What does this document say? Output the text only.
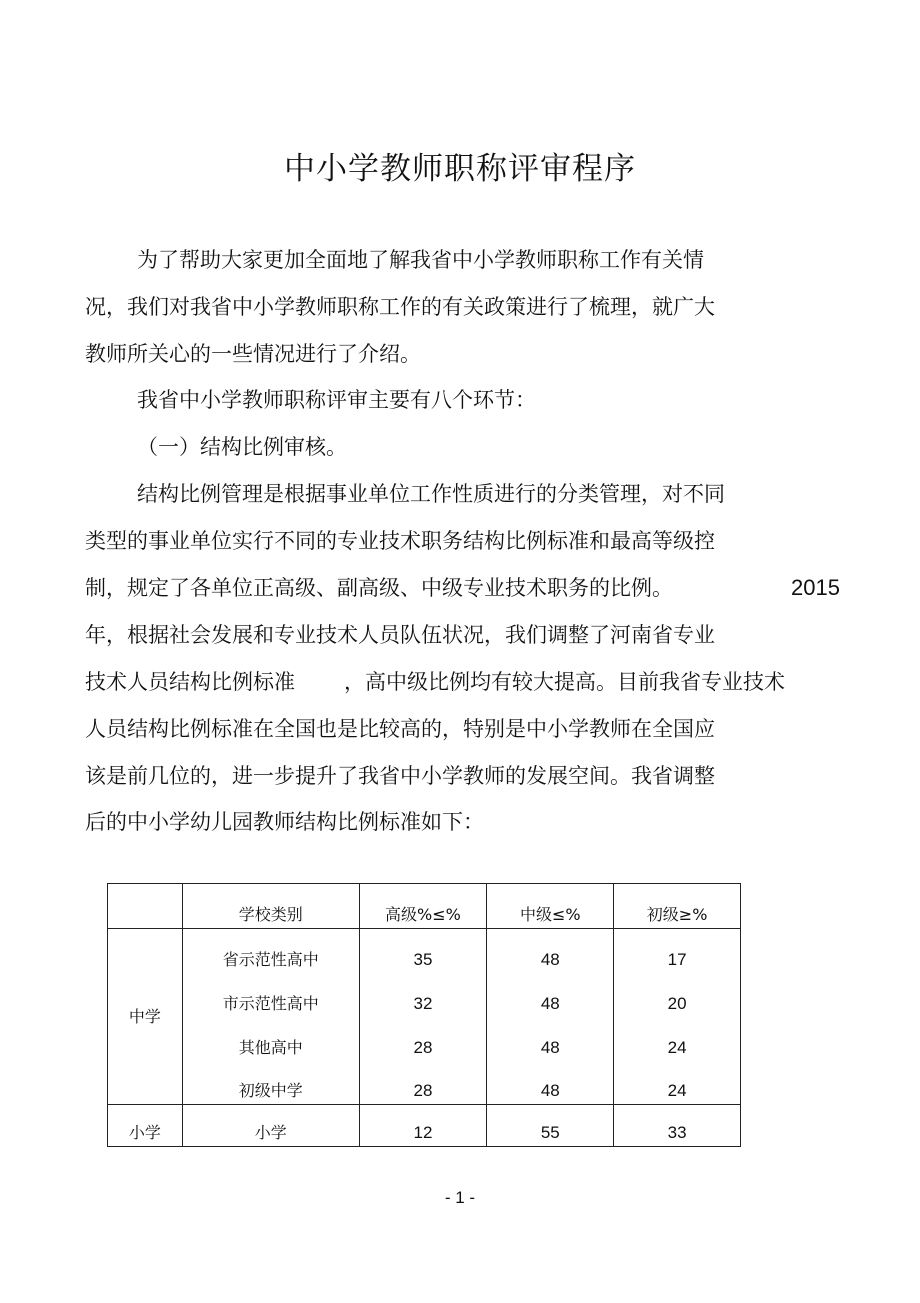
中小学教师职称评审程序

为了帮助大家更加全面地了解我省中小学教师职称工作有关情

况，我们对我省中小学教师职称工作的有关政策进行了梳理，就广大

教师所关心的一些情况进行了介绍。

我省中小学教师职称评审主要有八个环节：

（一）结构比例审核。

结构比例管理是根据事业单位工作性质进行的分类管理，对不同

类型的事业单位实行不同的专业技术职务结构比例标准和最高等级控

制，规定了各单位正高级、副高级、中级专业技术职务的比例。	2015

年，根据社会发展和专业技术人员队伍状况，我们调整了河南省专业

技术人员结构比例标准 ，高中级比例均有较大提高。目前我省专业技术

人员结构比例标准在全国也是比较高的，特别是中小学教师在全国应

该是前几位的，进一步提升了我省中小学教师的发展空间。我省调整

后的中小学幼儿园教师结构比例标准如下：

	学校类别	高级%≤%	中级≤%	初级≥%
中学	省示范性高中	35	48	17
	市示范性高中	32	48	20
	其他高中	28	48	24
	初级中学	28	48	24
小学	小学	12	55	33
- 1 -
